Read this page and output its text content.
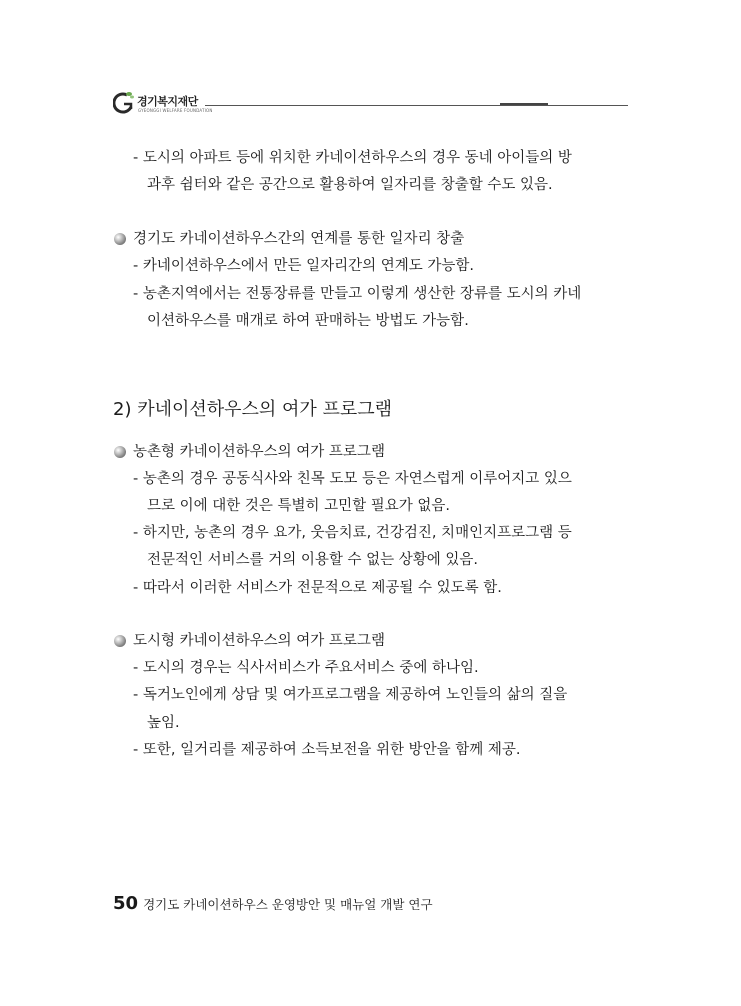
경기복지재단
GYEONGGI WELFARE FOUNDATION
- 도시의 아파트 등에 위치한 카네이션하우스의 경우 동네 아이들의 방
과후 쉼터와 같은 공간으로 활용하여 일자리를 창출할 수도 있음.
경기도 카네이션하우스간의 연계를 통한 일자리 창출
- 카네이션하우스에서 만든 일자리간의 연계도 가능함.
- 농촌지역에서는 전통장류를 만들고 이렇게 생산한 장류를 도시의 카네
이션하우스를 매개로 하여 판매하는 방법도 가능함.
2) 카네이션하우스의 여가 프로그램
농촌형 카네이션하우스의 여가 프로그램
- 농촌의 경우 공동식사와 친목 도모 등은 자연스럽게 이루어지고 있으
므로 이에 대한 것은 특별히 고민할 필요가 없음.
- 하지만, 농촌의 경우 요가, 웃음치료, 건강검진, 치매인지프로그램 등
전문적인 서비스를 거의 이용할 수 없는 상황에 있음.
- 따라서 이러한 서비스가 전문적으로 제공될 수 있도록 함.
도시형 카네이션하우스의 여가 프로그램
- 도시의 경우는 식사서비스가 주요서비스 중에 하나임.
- 독거노인에게 상담 및 여가프로그램을 제공하여 노인들의 삶의 질을
높임.
- 또한, 일거리를 제공하여 소득보전을 위한 방안을 함께 제공.
50 경기도 카네이션하우스 운영방안 및 매뉴얼 개발 연구
